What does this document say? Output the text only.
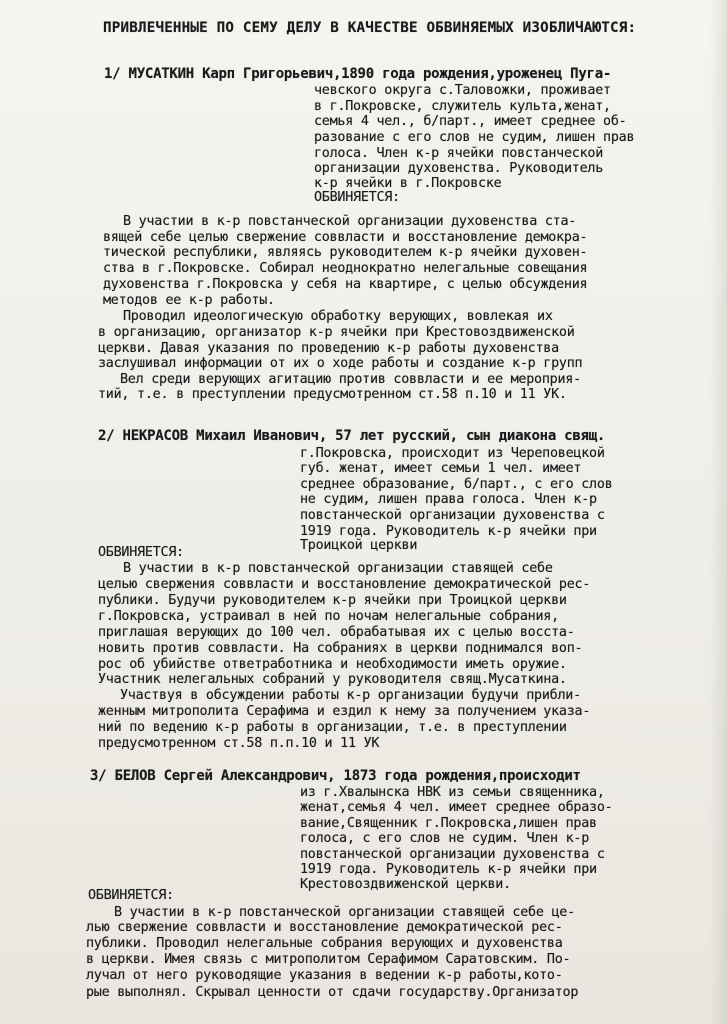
ПРИВЛЕЧЕННЫЕ ПО СЕМУ ДЕЛУ В КАЧЕСТВЕ ОБВИНЯЕМЫХ ИЗОБЛИЧАЮТСЯ:
1/ МУСАТКИН Карп Григорьевич,1890 года рождения,уроженец Пуга-
чевского округа с.Таловожки, проживает
в г.Покровске, служитель культа,женат,
семья 4 чел., б/парт., имеет среднее об-
разование с его слов не судим, лишен прав
голоса. Член к-р ячейки повстанческой
организации духовенства. Руководитель
к-р ячейки в г.Покровске
ОБВИНЯЕТСЯ:
В участии в к-р повстанческой организации духовенства ста-
вящей себе целью свержение соввласти и восстановление демокра-
тической республики, являясь руководителем к-р ячейки духовен-
ства в г.Покровске. Собирал неоднократно нелегальные совещания
духовенства г.Покровска у себя на квартире, с целью обсуждения
методов ее к-р работы.
Проводил идеологическую обработку верующих, вовлекая их
в организацию, организатор к-р ячейки при Крестовоздвиженской
церкви. Давая указания по проведению к-р работы духовенства
заслушивал информации от их о ходе работы и создание к-р групп
Вел среди верующих агитацию против соввласти и ее мероприя-
тий, т.е. в преступлении предусмотренном ст.58 п.10 и 11 УК.
2/ НЕКРАСОВ Михаил Иванович, 57 лет русский, сын диакона свящ.
г.Покровска, происходит из Череповецкой
губ. женат, имеет семьи 1 чел. имеет
среднее образование, б/парт., с его слов
не судим, лишен права голоса. Член к-р
повстанческой организации духовенства с
1919 года. Руководитель к-р ячейки при
Троицкой церкви
ОБВИНЯЕТСЯ:
В участии в к-р повстанческой организации ставящей себе
целью свержения соввласти и восстановление демократической рес-
публики. Будучи руководителем к-р ячейки при Троицкой церкви
г.Покровска, устраивал в ней по ночам нелегальные собрания,
приглашая верующих до 100 чел. обрабатывая их с целью восста-
новить против соввласти. На собраниях в церкви поднимался воп-
рос об убийстве ответработника и необходимости иметь оружие.
Участник нелегальных собраний у руководителя свящ.Мусаткина.
Участвуя в обсуждении работы к-р организации будучи прибли-
женным митрополита Серафима и ездил к нему за получением указа-
ний по ведению к-р работы в организации, т.е. в преступлении
предусмотренном ст.58 п.п.10 и 11 УК
3/ БЕЛОВ Сергей Александрович, 1873 года рождения,происходит
из г.Хвалынска НВК из семьи священника,
женат,семья 4 чел. имеет среднее образо-
вание,Священник г.Покровска,лишен прав
голоса, с его слов не судим. Член к-р
повстанческой организации духовенства с
1919 года. Руководитель к-р ячейки при
Крестовоздвиженской церкви.
ОБВИНЯЕТСЯ:
В участии в к-р повстанческой организации ставящей себе це-
лью свержение соввласти и восстановление демократической рес-
публики. Проводил нелегальные собрания верующих и духовенства
в церкви. Имея связь с митрополитом Серафимом Саратовским. По-
лучал от него руководящие указания в ведении к-р работы,кото-
рые выполнял. Скрывал ценности от сдачи государству.Организатор
